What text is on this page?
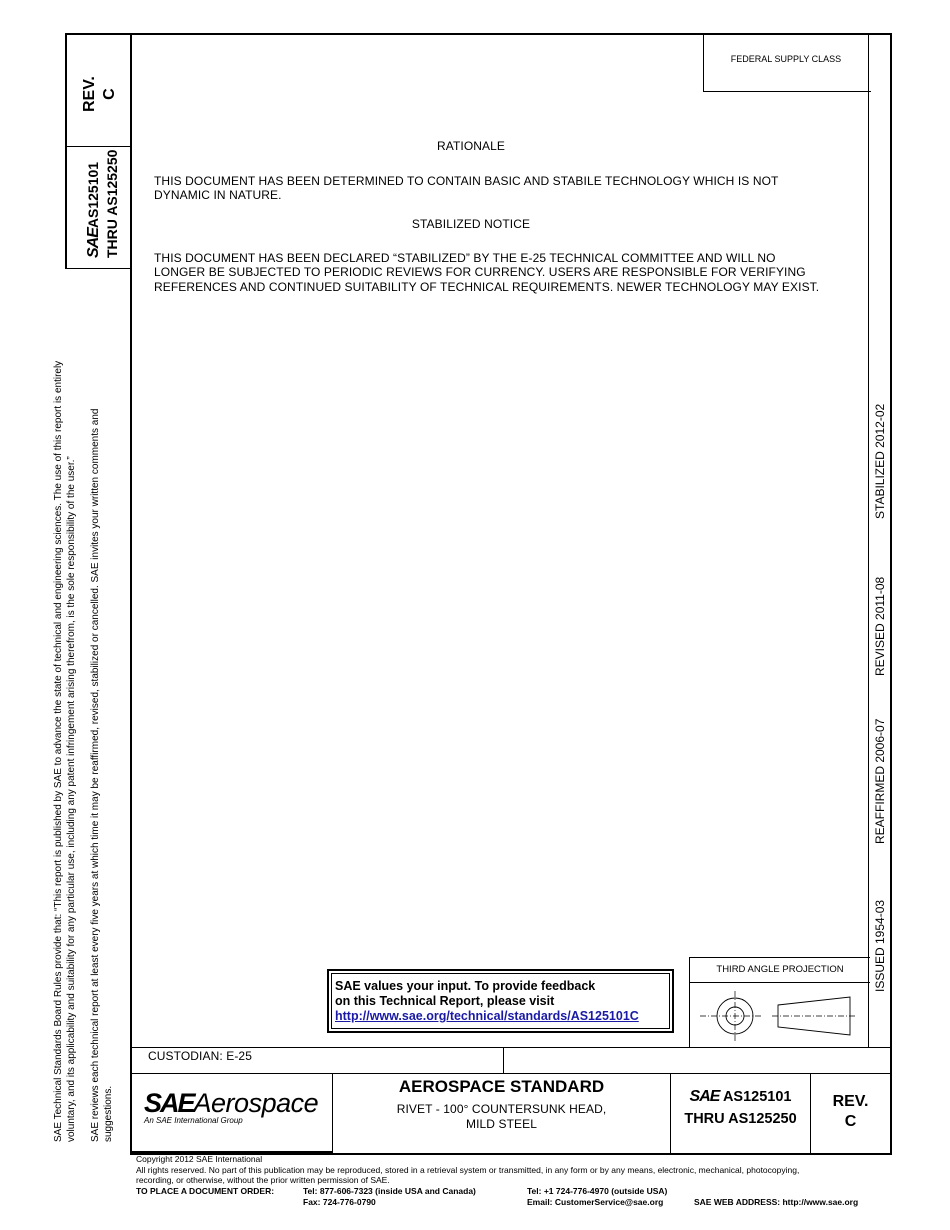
REV. C
SAEAS125101 THRU AS125250
FEDERAL SUPPLY CLASS
RATIONALE
THIS DOCUMENT HAS BEEN DETERMINED TO CONTAIN BASIC AND STABILE TECHNOLOGY WHICH IS NOT
DYNAMIC IN NATURE.
STABILIZED NOTICE
THIS DOCUMENT HAS BEEN DECLARED “STABILIZED” BY THE E-25 TECHNICAL COMMITTEE AND WILL NO
LONGER BE SUBJECTED TO PERIODIC REVIEWS FOR CURRENCY. USERS ARE RESPONSIBLE FOR VERIFYING
REFERENCES AND CONTINUED SUITABILITY OF TECHNICAL REQUIREMENTS. NEWER TECHNOLOGY MAY EXIST.
SAE Technical Standards Board Rules provide that: “This report is published by SAE to advance the state of technical and engineering sciences. The use of this report is entirely voluntary, and its applicability and suitability for any particular use, including any patent infringement arising therefrom, is the sole responsibility of the user.” SAE reviews each technical report at least every five years at which time it may be reaffirmed, revised, stabilized or cancelled. SAE invites your written comments and suggestions.
ISSUED 1954-03REAFFIRMED 2006-07REVISED 2011-08STABILIZED 2012-02
SAE values your input. To provide feedback
on this Technical Report, please visit
http://www.sae.org/technical/standards/AS125101C
THIRD ANGLE PROJECTION
CUSTODIAN: E-25
SAEAerospace
An SAE International Group
AEROSPACE STANDARD
RIVET - 100° COUNTERSUNK HEAD,
MILD STEEL
SAE AS125101
THRU AS125250
REV.
C
Copyright 2012 SAE International
All rights reserved. No part of this publication may be reproduced, stored in a retrieval system or transmitted, in any form or by any means, electronic, mechanical, photocopying,
recording, or otherwise, without the prior written permission of SAE.
TO PLACE A DOCUMENT ORDER:	Tel: 877-606-7323 (inside USA and Canada)
Fax: 724-776-0790
Tel: +1 724-776-4970 (outside USA)
Email: CustomerService@sae.org	SAE WEB ADDRESS: http://www.sae.org
